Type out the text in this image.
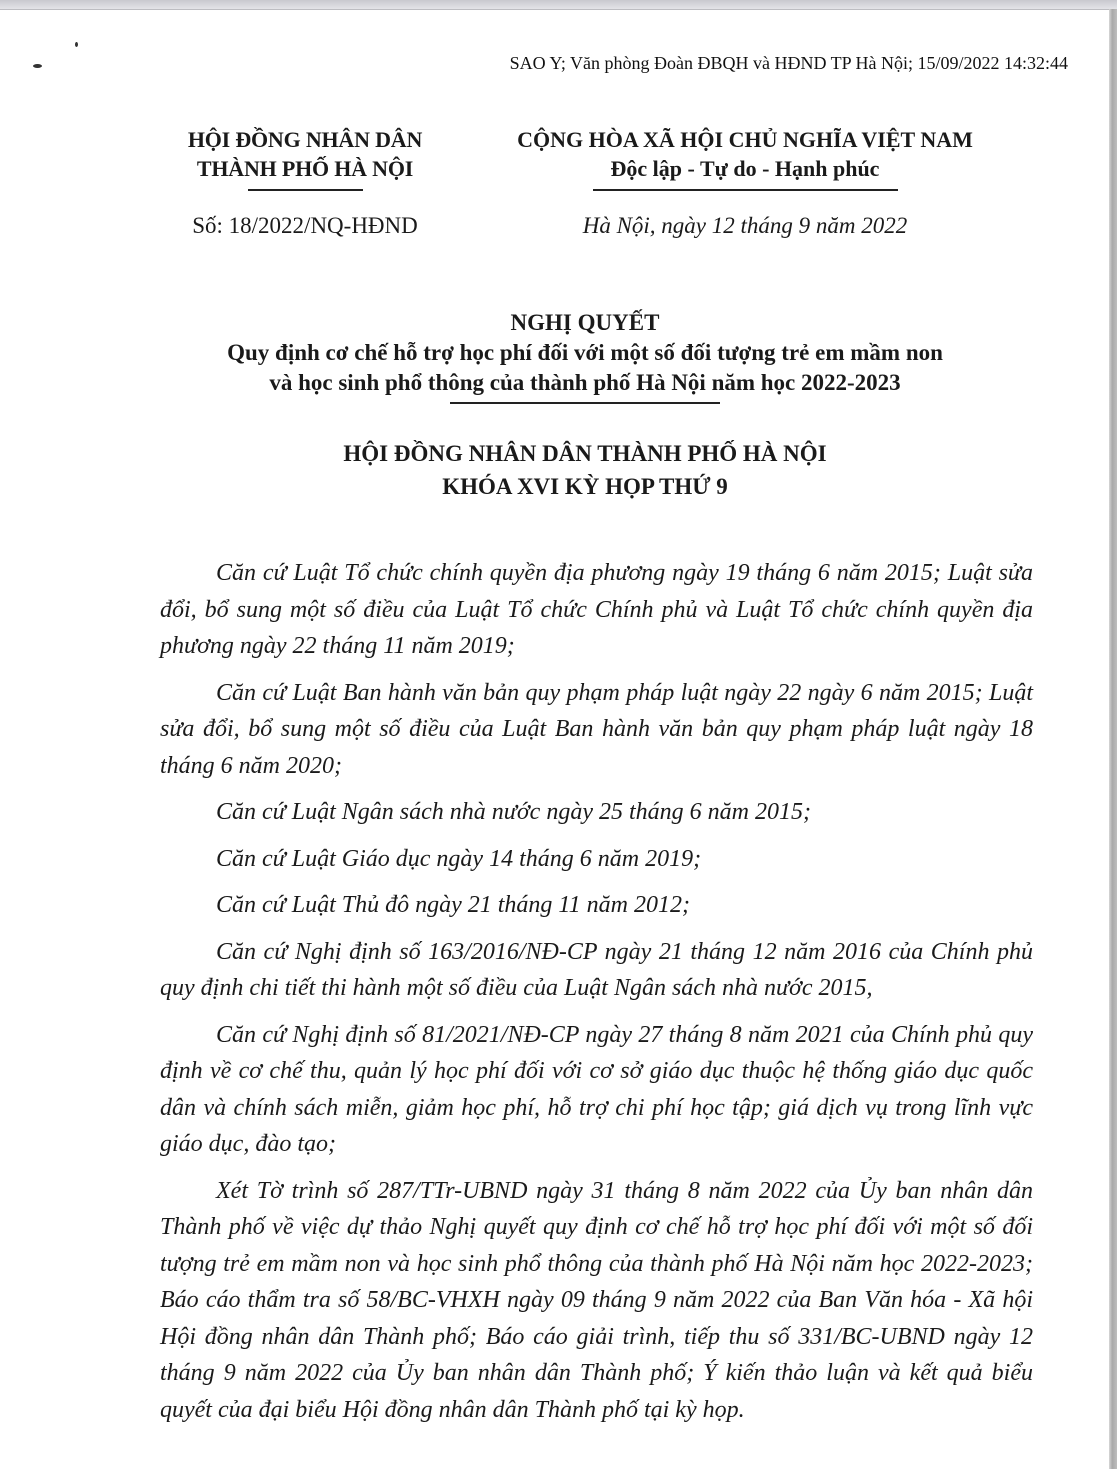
SAO Y; Văn phòng Đoàn ĐBQH và HĐND TP Hà Nội; 15/09/2022 14:32:44
HỘI ĐỒNG NHÂN DÂN
THÀNH PHỐ HÀ NỘI
CỘNG HÒA XÃ HỘI CHỦ NGHĨA VIỆT NAM
Độc lập - Tự do - Hạnh phúc
Số: 18/2022/NQ-HĐND	Hà Nội, ngày 12 tháng 9 năm 2022
NGHỊ QUYẾT
Quy định cơ chế hỗ trợ học phí đối với một số đối tượng trẻ em mầm non
và học sinh phổ thông của thành phố Hà Nội năm học 2022-2023
HỘI ĐỒNG NHÂN DÂN THÀNH PHỐ HÀ NỘI
KHÓA XVI KỲ HỌP THỨ 9

Căn cứ Luật Tổ chức chính quyền địa phương ngày 19 tháng 6 năm 2015; Luật sửa đổi, bổ sung một số điều của Luật Tổ chức Chính phủ và Luật Tổ chức chính quyền địa phương ngày 22 tháng 11 năm 2019;

Căn cứ Luật Ban hành văn bản quy phạm pháp luật ngày 22 ngày 6 năm 2015; Luật sửa đổi, bổ sung một số điều của Luật Ban hành văn bản quy phạm pháp luật ngày 18 tháng 6 năm 2020;

Căn cứ Luật Ngân sách nhà nước ngày 25 tháng 6 năm 2015;

Căn cứ Luật Giáo dục ngày 14 tháng 6 năm 2019;

Căn cứ Luật Thủ đô ngày 21 tháng 11 năm 2012;

Căn cứ Nghị định số 163/2016/NĐ-CP ngày 21 tháng 12 năm 2016 của Chính phủ quy định chi tiết thi hành một số điều của Luật Ngân sách nhà nước 2015,

Căn cứ Nghị định số 81/2021/NĐ-CP ngày 27 tháng 8 năm 2021 của Chính phủ quy định về cơ chế thu, quản lý học phí đối với cơ sở giáo dục thuộc hệ thống giáo dục quốc dân và chính sách miễn, giảm học phí, hỗ trợ chi phí học tập; giá dịch vụ trong lĩnh vực giáo dục, đào tạo;

Xét Tờ trình số 287/TTr-UBND ngày 31 tháng 8 năm 2022 của Ủy ban nhân dân Thành phố về việc dự thảo Nghị quyết quy định cơ chế hỗ trợ học phí đối với một số đối tượng trẻ em mầm non và học sinh phổ thông của thành phố Hà Nội năm học 2022-2023; Báo cáo thẩm tra số 58/BC-VHXH ngày 09 tháng 9 năm 2022 của Ban Văn hóa - Xã hội Hội đồng nhân dân Thành phố; Báo cáo giải trình, tiếp thu số 331/BC-UBND ngày 12 tháng 9 năm 2022 của Ủy ban nhân dân Thành phố; Ý kiến thảo luận và kết quả biểu quyết của đại biểu Hội đồng nhân dân Thành phố tại kỳ họp.
